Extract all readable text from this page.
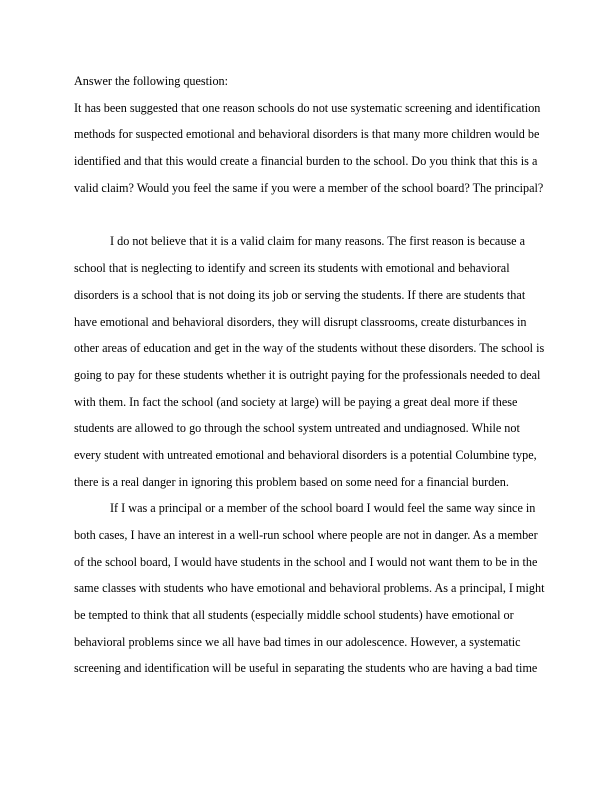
Answer the following question:
It has been suggested that one reason schools do not use systematic screening and identification
methods for suspected emotional and behavioral disorders is that many more children would be
identified and that this would create a financial burden to the school. Do you think that this is a
valid claim? Would you feel the same if you were a member of the school board? The principal?
I do not believe that it is a valid claim for many reasons. The first reason is because a
school that is neglecting to identify and screen its students with emotional and behavioral
disorders is a school that is not doing its job or serving the students. If there are students that
have emotional and behavioral disorders, they will disrupt classrooms, create disturbances in
other areas of education and get in the way of the students without these disorders. The school is
going to pay for these students whether it is outright paying for the professionals needed to deal
with them. In fact the school (and society at large) will be paying a great deal more if these
students are allowed to go through the school system untreated and undiagnosed. While not
every student with untreated emotional and behavioral disorders is a potential Columbine type,
there is a real danger in ignoring this problem based on some need for a financial burden.
If I was a principal or a member of the school board I would feel the same way since in
both cases, I have an interest in a well-run school where people are not in danger. As a member
of the school board, I would have students in the school and I would not want them to be in the
same classes with students who have emotional and behavioral problems. As a principal, I might
be tempted to think that all students (especially middle school students) have emotional or
behavioral problems since we all have bad times in our adolescence. However, a systematic
screening and identification will be useful in separating the students who are having a bad time
